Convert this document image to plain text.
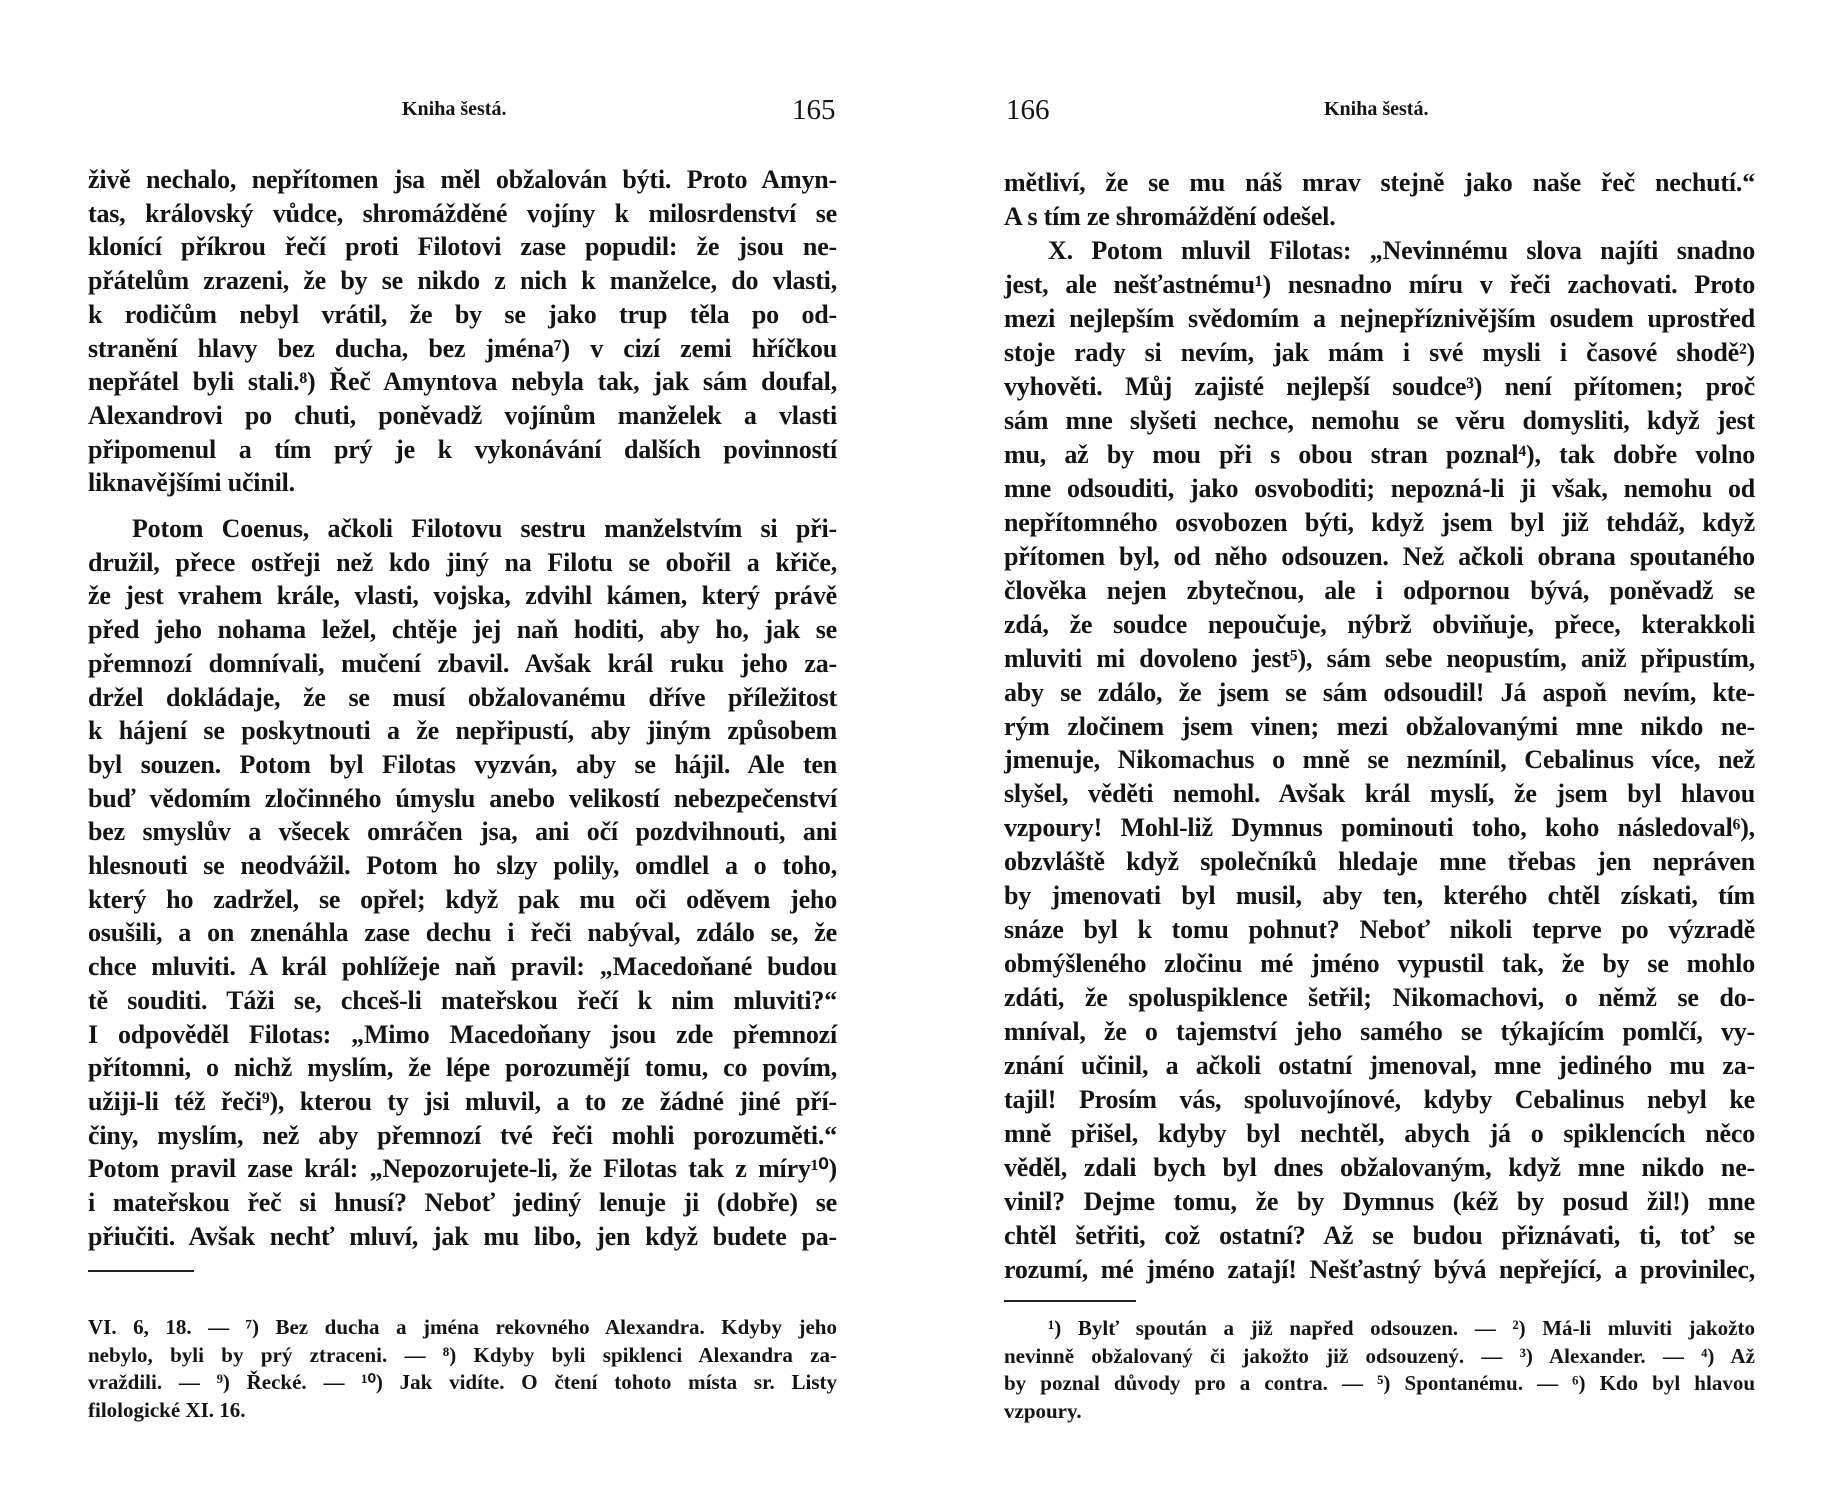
Kniha šestá.	165
živě nechalo, nepřítomen jsa měl obžalován býti. Proto Amyn-
tas, královský vůdce, shromážděné vojíny k milosrdenství se
klonící příkrou řečí proti Filotovi zase popudil: že jsou ne-
přátelům zrazeni, že by se nikdo z nich k manželce, do vlasti,
k rodičům nebyl vrátil, že by se jako trup těla po od-
stranění hlavy bez ducha, bez jména⁷) v cizí zemi hříčkou
nepřátel byli stali.⁸) Řeč Amyntova nebyla tak, jak sám doufal,
Alexandrovi po chuti, poněvadž vojínům manželek a vlasti
připomenul a tím prý je k vykonávání dalších povinností
liknavějšími učinil.
Potom Coenus, ačkoli Filotovu sestru manželstvím si při-
družil, přece ostřeji než kdo jiný na Filotu se obořil a křiče,
že jest vrahem krále, vlasti, vojska, zdvihl kámen, který právě
před jeho nohama ležel, chtěje jej naň hoditi, aby ho, jak se
přemnozí domnívali, mučení zbavil. Avšak král ruku jeho za-
držel dokládaje, že se musí obžalovanému dříve příležitost
k hájení se poskytnouti a že nepřipustí, aby jiným způsobem
byl souzen. Potom byl Filotas vyzván, aby se hájil. Ale ten
buď vědomím zločinného úmyslu anebo velikostí nebezpečenství
bez smyslův a všecek omráčen jsa, ani očí pozdvihnouti, ani
hlesnouti se neodvážil. Potom ho slzy polily, omdlel a o toho,
který ho zadržel, se opřel; když pak mu oči oděvem jeho
osušili, a on znenáhla zase dechu i řeči nabýval, zdálo se, že
chce mluviti. A král pohlížeje naň pravil: „Macedoňané budou
tě souditi. Táži se, chceš-li mateřskou řečí k nim mluviti?“
I odpověděl Filotas: „Mimo Macedoňany jsou zde přemnozí
přítomni, o nichž myslím, že lépe porozumějí tomu, co povím,
užiji-li též řeči⁹), kterou ty jsi mluvil, a to ze žádné jiné pří-
činy, myslím, než aby přemnozí tvé řeči mohli porozuměti.“
Potom pravil zase král: „Nepozorujete-li, že Filotas tak z míry¹⁰)
i mateřskou řeč si hnusí? Neboť jediný lenuje ji (dobře) se
přiučiti. Avšak nechť mluví, jak mu libo, jen když budete pa-
VI. 6, 18. — ⁷) Bez ducha a jména rekovného Alexandra. Kdyby jeho
nebylo, byli by prý ztraceni. — ⁸) Kdyby byli spiklenci Alexandra za-
vraždili. — ⁹) Řecké. — ¹⁰) Jak vidíte. O čtení tohoto místa sr. Listy
filologické XI. 16.
166	Kniha šestá.
mětliví, že se mu náš mrav stejně jako naše řeč nechutí.“
A s tím ze shromáždění odešel.
X. Potom mluvil Filotas: „Nevinnému slova najíti snadno
jest, ale nešťastnému¹) nesnadno míru v řeči zachovati. Proto
mezi nejlepším svědomím a nejnepříznivějším osudem uprostřed
stoje rady si nevím, jak mám i své mysli i časové shodě²)
vyhověti. Můj zajisté nejlepší soudce³) není přítomen; proč
sám mne slyšeti nechce, nemohu se věru domysliti, když jest
mu, až by mou při s obou stran poznal⁴), tak dobře volno
mne odsouditi, jako osvoboditi; nepozná-li ji však, nemohu od
nepřítomného osvobozen býti, když jsem byl již tehdáž, když
přítomen byl, od něho odsouzen. Než ačkoli obrana spoutaného
člověka nejen zbytečnou, ale i odpornou bývá, poněvadž se
zdá, že soudce nepoučuje, nýbrž obviňuje, přece, kterakkoli
mluviti mi dovoleno jest⁵), sám sebe neopustím, aniž připustím,
aby se zdálo, že jsem se sám odsoudil! Já aspoň nevím, kte-
rým zločinem jsem vinen; mezi obžalovanými mne nikdo ne-
jmenuje, Nikomachus o mně se nezmínil, Cebalinus více, než
slyšel, věděti nemohl. Avšak král myslí, že jsem byl hlavou
vzpoury! Mohl-liž Dymnus pominouti toho, koho následoval⁶),
obzvláště když společníků hledaje mne třebas jen nepráven
by jmenovati byl musil, aby ten, kterého chtěl získati, tím
snáze byl k tomu pohnut? Neboť nikoli teprve po výzradě
obmýšleného zločinu mé jméno vypustil tak, že by se mohlo
zdáti, že spoluspiklence šetřil; Nikomachovi, o němž se do-
mníval, že o tajemství jeho samého se týkajícím pomlčí, vy-
znání učinil, a ačkoli ostatní jmenoval, mne jediného mu za-
tajil! Prosím vás, spoluvojínové, kdyby Cebalinus nebyl ke
mně přišel, kdyby byl nechtěl, abych já o spiklencích něco
věděl, zdali bych byl dnes obžalovaným, když mne nikdo ne-
vinil? Dejme tomu, že by Dymnus (kéž by posud žil!) mne
chtěl šetřiti, což ostatní? Až se budou přiznávati, ti, toť se
rozumí, mé jméno zatají! Nešťastný bývá nepřející, a provinilec,
¹) Bylť spoután a již napřed odsouzen. — ²) Má-li mluviti jakožto
nevinně obžalovaný či jakožto již odsouzený. — ³) Alexander. — ⁴) Až
by poznal důvody pro a contra. — ⁵) Spontanému. — ⁶) Kdo byl hlavou
vzpoury.
